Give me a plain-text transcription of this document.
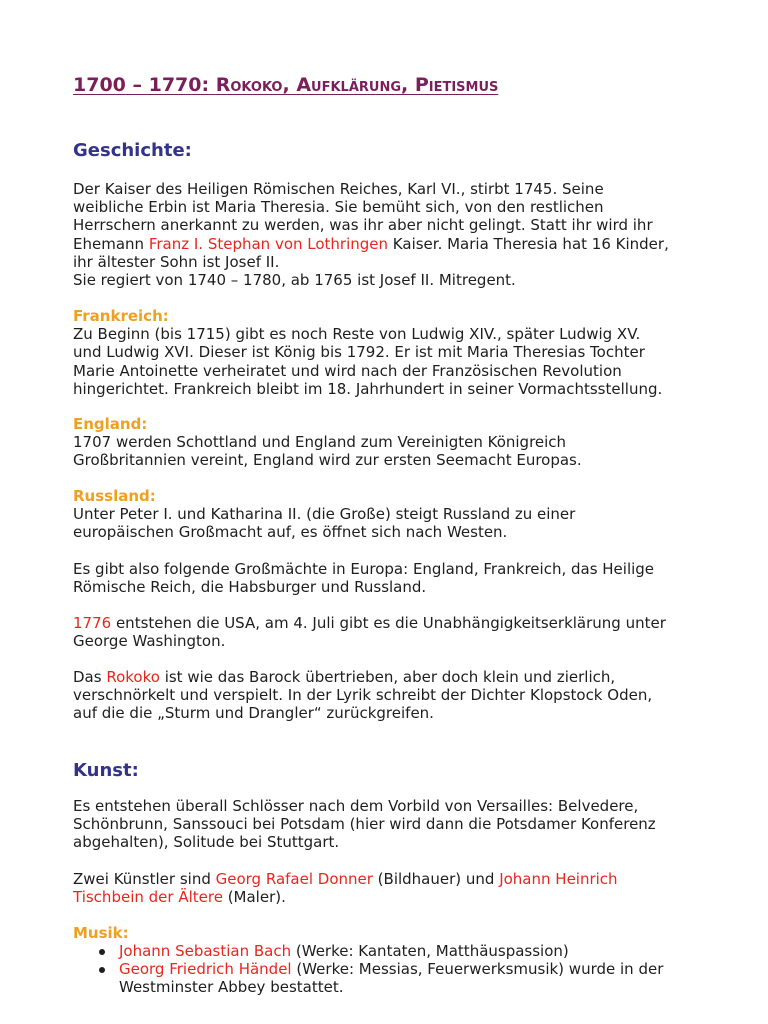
1700 – 1770: Rokoko, Aufklärung, Pietismus
Geschichte:
Der Kaiser des Heiligen Römischen Reiches, Karl VI., stirbt 1745. Seine
weibliche Erbin ist Maria Theresia. Sie bemüht sich, von den restlichen
Herrschern anerkannt zu werden, was ihr aber nicht gelingt. Statt ihr wird ihr
Ehemann Franz I. Stephan von Lothringen Kaiser. Maria Theresia hat 16 Kinder,
ihr ältester Sohn ist Josef II.
Sie regiert von 1740 – 1780, ab 1765 ist Josef II. Mitregent.
Frankreich:
Zu Beginn (bis 1715) gibt es noch Reste von Ludwig XIV., später Ludwig XV.
und Ludwig XVI. Dieser ist König bis 1792. Er ist mit Maria Theresias Tochter
Marie Antoinette verheiratet und wird nach der Französischen Revolution
hingerichtet. Frankreich bleibt im 18. Jahrhundert in seiner Vormachtsstellung.
England:
1707 werden Schottland und England zum Vereinigten Königreich
Großbritannien vereint, England wird zur ersten Seemacht Europas.
Russland:
Unter Peter I. und Katharina II. (die Große) steigt Russland zu einer
europäischen Großmacht auf, es öffnet sich nach Westen.
Es gibt also folgende Großmächte in Europa: England, Frankreich, das Heilige
Römische Reich, die Habsburger und Russland.
1776 entstehen die USA, am 4. Juli gibt es die Unabhängigkeitserklärung unter
George Washington.
Das Rokoko ist wie das Barock übertrieben, aber doch klein und zierlich,
verschnörkelt und verspielt. In der Lyrik schreibt der Dichter Klopstock Oden,
auf die die „Sturm und Drangler“ zurückgreifen.
Kunst:
Es entstehen überall Schlösser nach dem Vorbild von Versailles: Belvedere,
Schönbrunn, Sanssouci bei Potsdam (hier wird dann die Potsdamer Konferenz
abgehalten), Solitude bei Stuttgart.
Zwei Künstler sind Georg Rafael Donner (Bildhauer) und Johann Heinrich
Tischbein der Ältere (Maler).
Musik:
Johann Sebastian Bach (Werke: Kantaten, Matthäuspassion)
Georg Friedrich Händel (Werke: Messias, Feuerwerksmusik) wurde in der
Westminster Abbey bestattet.
